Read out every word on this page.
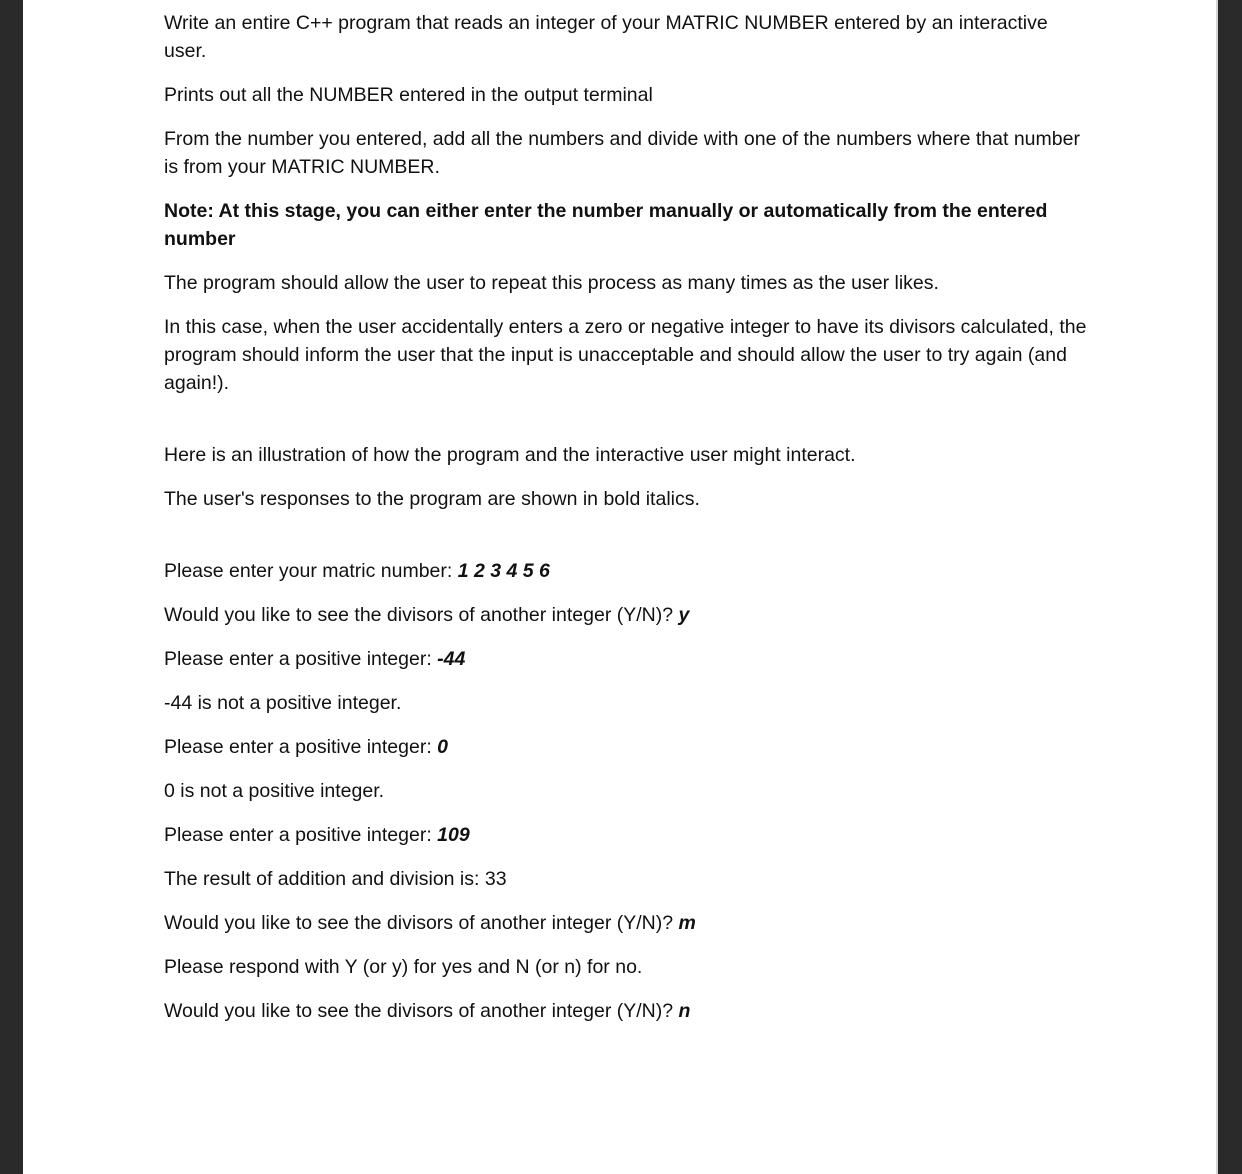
Write an entire C++ program that reads an integer of your MATRIC NUMBER entered by an interactive user.

Prints out all the NUMBER entered in the output terminal

From the number you entered, add all the numbers and divide with one of the numbers where that number is from your MATRIC NUMBER.

Note: At this stage, you can either enter the number manually or automatically from the entered number

The program should allow the user to repeat this process as many times as the user likes.

In this case, when the user accidentally enters a zero or negative integer to have its divisors calculated, the program should inform the user that the input is unacceptable and should allow the user to try again (and again!).

Here is an illustration of how the program and the interactive user might interact.

The user's responses to the program are shown in bold italics.

Please enter your matric number: 1 2 3 4 5 6

Would you like to see the divisors of another integer (Y/N)? y

Please enter a positive integer: -44

-44 is not a positive integer.

Please enter a positive integer: 0

0 is not a positive integer.

Please enter a positive integer: 109

The result of addition and division is: 33

Would you like to see the divisors of another integer (Y/N)? m

Please respond with Y (or y) for yes and N (or n) for no.

Would you like to see the divisors of another integer (Y/N)? n
